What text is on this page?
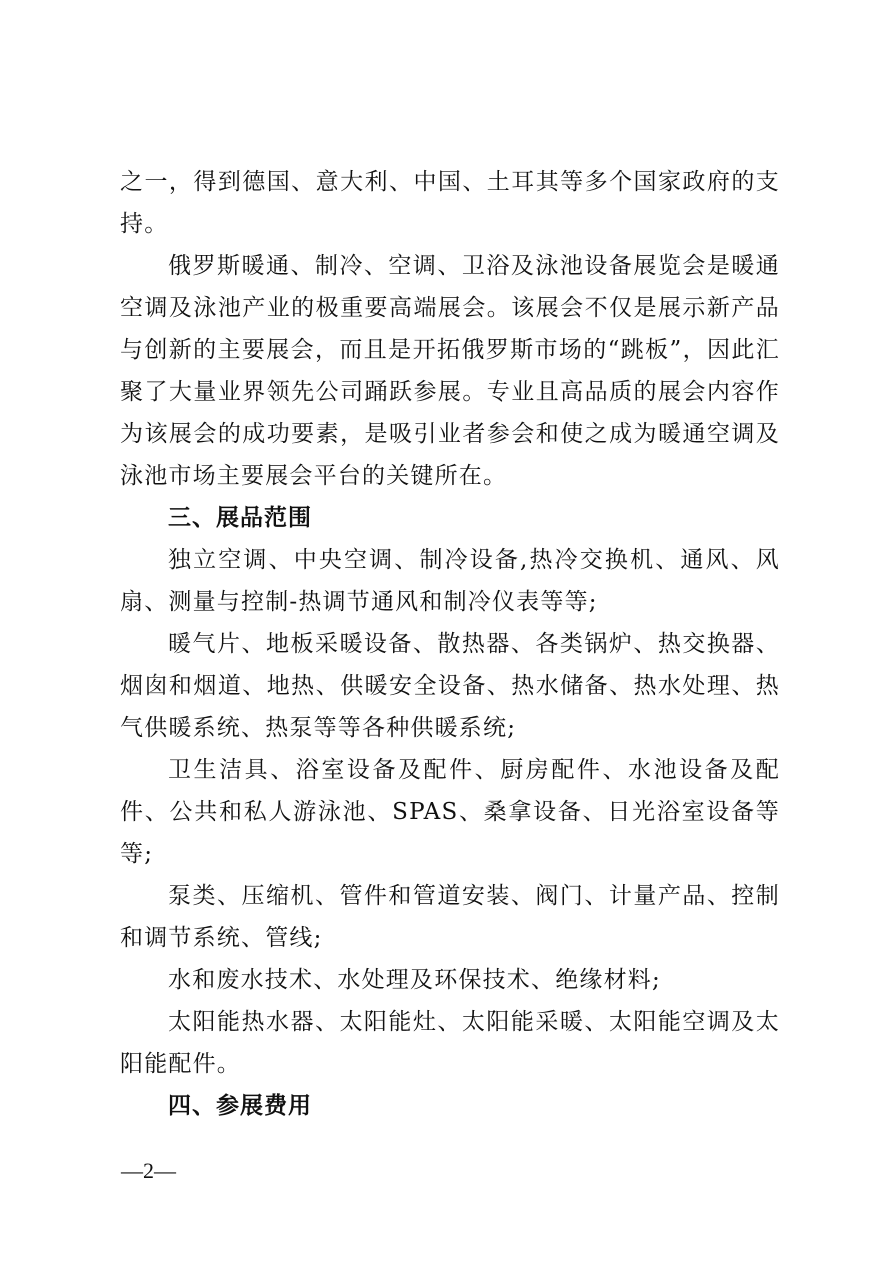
之一，得到德国、意大利、中国、土耳其等多个国家政府的支持。

俄罗斯暖通、制冷、空调、卫浴及泳池设备展览会是暖通空调及泳池产业的极重要高端展会。该展会不仅是展示新产品与创新的主要展会，而且是开拓俄罗斯市场的“跳板”，因此汇聚了大量业界领先公司踊跃参展。专业且高品质的展会内容作为该展会的成功要素，是吸引业者参会和使之成为暖通空调及泳池市场主要展会平台的关键所在。

三、展品范围

独立空调、中央空调、制冷设备,热冷交换机、通风、风扇、测量与控制-热调节通风和制冷仪表等等;

暖气片、地板采暖设备、散热器、各类锅炉、热交换器、烟囱和烟道、地热、供暖安全设备、热水储备、热水处理、热气供暖系统、热泵等等各种供暖系统;

卫生洁具、浴室设备及配件、厨房配件、水池设备及配件、公共和私人游泳池、SPAS、桑拿设备、日光浴室设备等等;

泵类、压缩机、管件和管道安装、阀门、计量产品、控制和调节系统、管线;

水和废水技术、水处理及环保技术、绝缘材料;

太阳能热水器、太阳能灶、太阳能采暖、太阳能空调及太阳能配件。

四、参展费用

—2—
